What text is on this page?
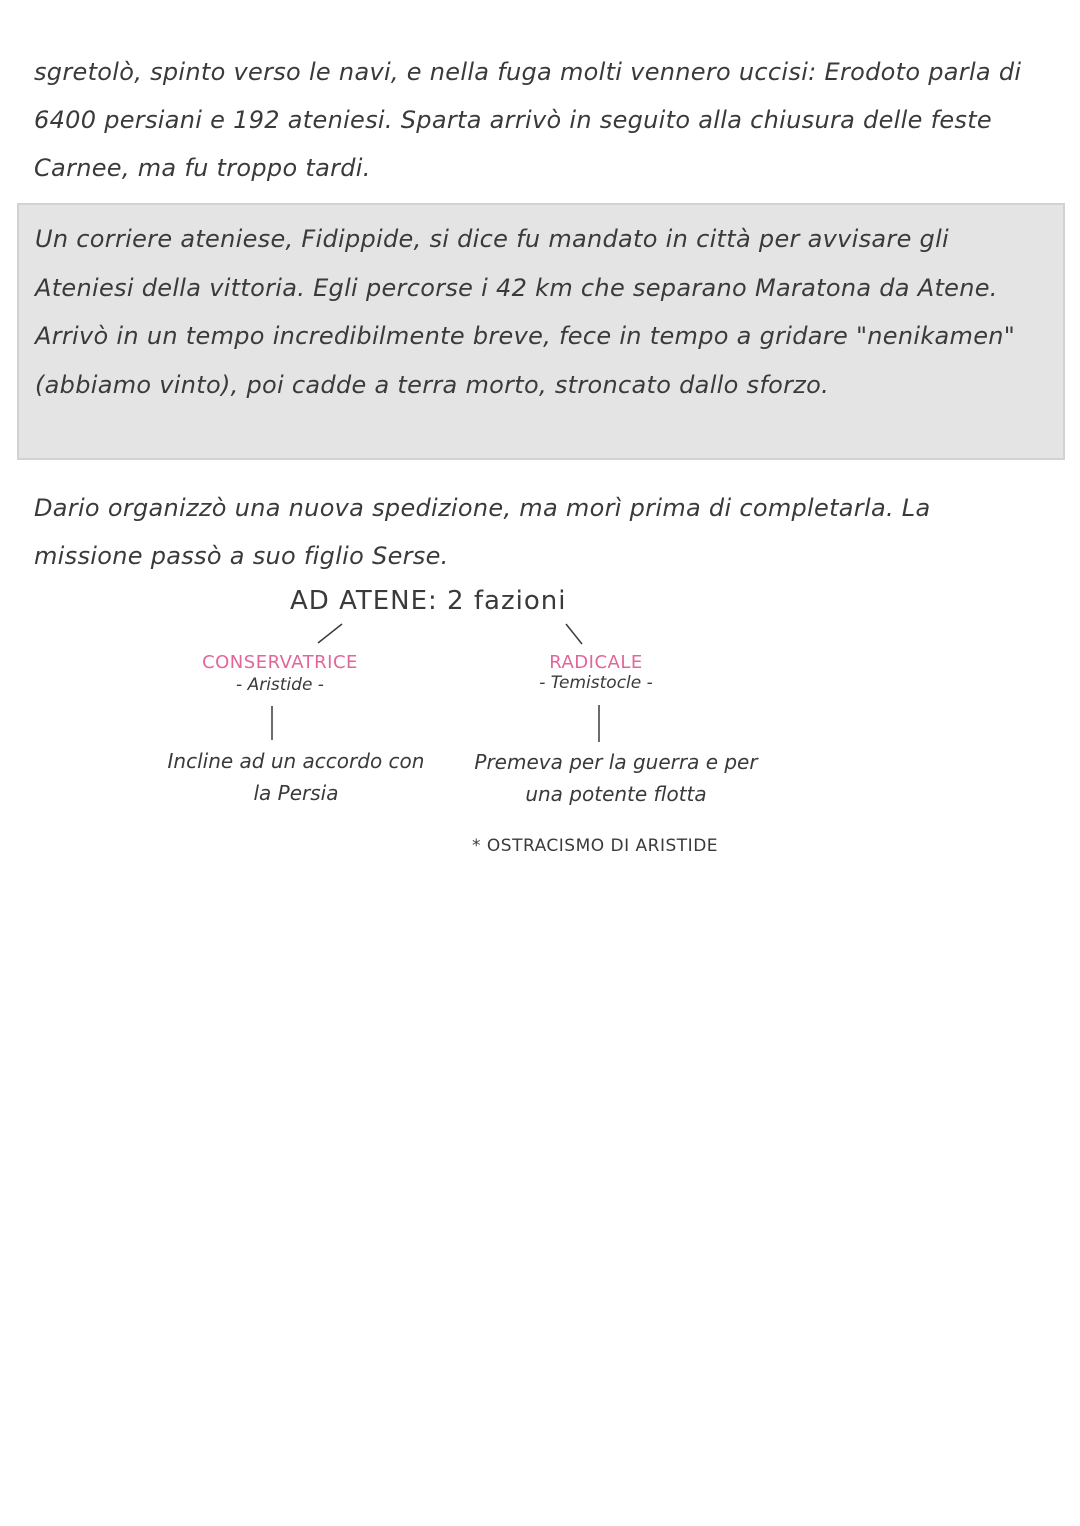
sgretolò, spinto verso le navi, e nella fuga molti vennero uccisi: Erodoto parla di 6400 persiani e 192 ateniesi. Sparta arrivò in seguito alla chiusura delle feste Carnee, ma fu troppo tardi.

Un corriere ateniese, Fidippide, si dice fu mandato in città per avvisare gli Ateniesi della vittoria. Egli percorse i 42 km che separano Maratona da Atene. Arrivò in un tempo incredibilmente breve, fece in tempo a gridare "nenikamen" (abbiamo vinto), poi cadde a terra morto, stroncato dallo sforzo.

Dario organizzò una nuova spedizione, ma morì prima di completarla. La missione passò a suo figlio Serse.

AD ATENE: 2 fazioni
CONSERVATRICE
- Aristide -
Incline ad un accordo con la Persia
RADICALE
- Temistocle -
Premeva per la guerra e per una potente flotta
* OSTRACISMO DI ARISTIDE
